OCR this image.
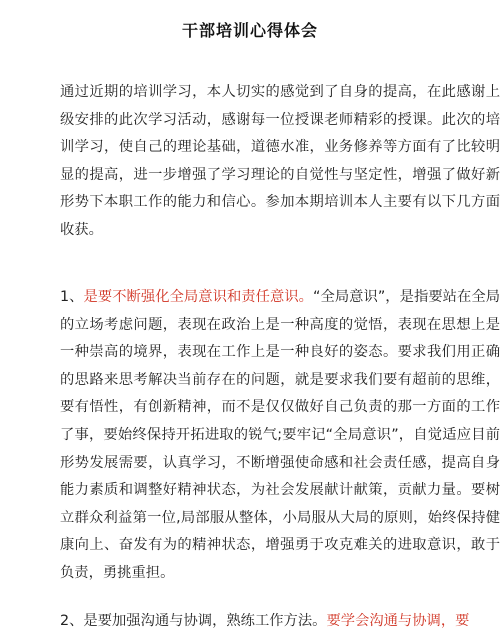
干部培训心得体会

通过近期的培训学习，本人切实的感觉到了自身的提高，在此感谢上级安排的此次学习活动，感谢每一位授课老师精彩的授课。此次的培训学习，使自己的理论基础，道德水准，业务修养等方面有了比较明显的提高，进一步增强了学习理论的自觉性与坚定性，增强了做好新形势下本职工作的能力和信心。参加本期培训本人主要有以下几方面收获。

1、是要不断强化全局意识和责任意识。“全局意识”，是指要站在全局的立场考虑问题，表现在政治上是一种高度的觉悟，表现在思想上是一种崇高的境界，表现在工作上是一种良好的姿态。要求我们用正确的思路来思考解决当前存在的问题，就是要求我们要有超前的思维，要有悟性，有创新精神，而不是仅仅做好自己负责的那一方面的工作了事，要始终保持开拓进取的锐气;要牢记“全局意识”，自觉适应目前形势发展需要，认真学习，不断增强使命感和社会责任感，提高自身能力素质和调整好精神状态，为社会发展献计献策，贡献力量。要树立群众利益第一位,局部服从整体，小局服从大局的原则，始终保持健康向上、奋发有为的精神状态，增强勇于攻克难关的进取意识，敢于负责，勇挑重担。

2、是要加强沟通与协调，熟练工作方法。要学会沟通与协调，要
